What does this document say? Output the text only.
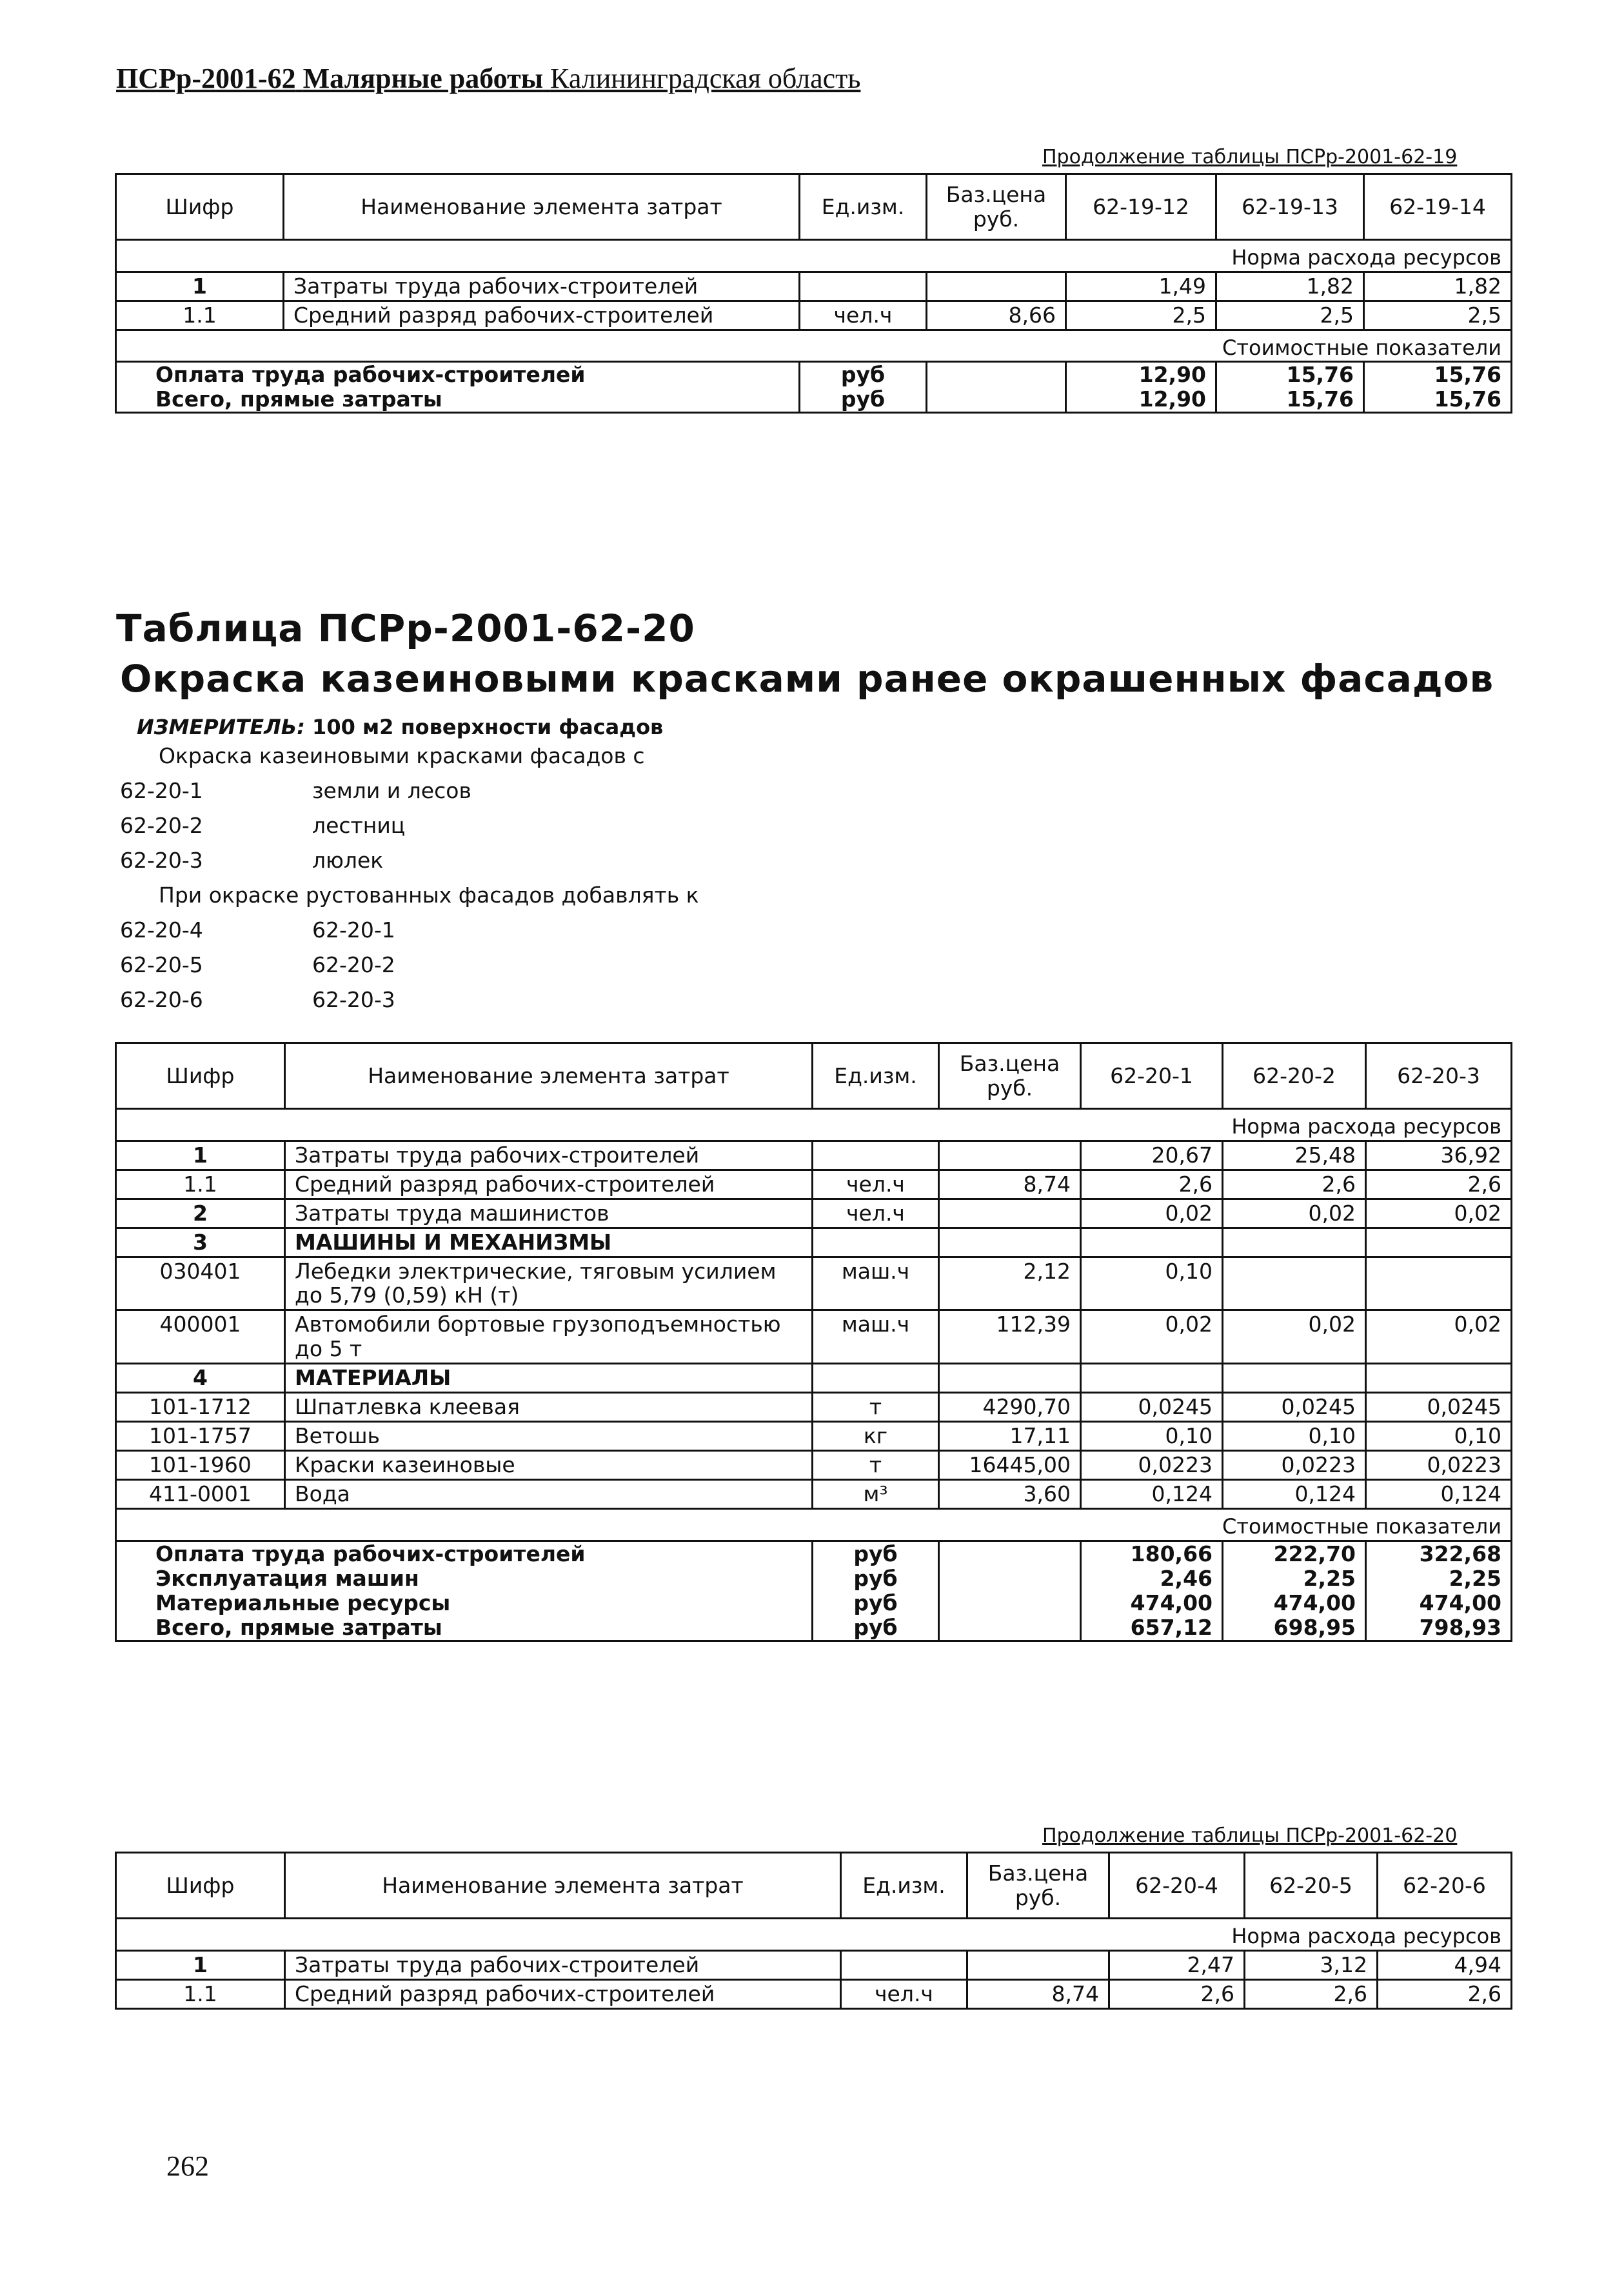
ПСРр-2001-62 Малярные работы Калининградская область
Продолжение таблицы ПСРр-2001-62-19
Шифр	Наименование элемента затрат	Ед.изм.	Баз.цена руб.	62-19-12	62-19-13	62-19-14
Норма расхода ресурсов						
1	Затраты труда рабочих-строителей			1,49	1,82	1,82
1.1	Средний разряд рабочих-строителей	чел.ч	8,66	2,5	2,5	2,5
Стоимостные показатели						
Оплата труда рабочих-строителей		руб		12,90	15,76	15,76
Всего, прямые затраты		руб		12,90	15,76	15,76
Таблица ПСРр-2001-62-20
Окраска казеиновыми красками ранее окрашенных фасадов
ИЗМЕРИТЕЛЬ: 100 м2 поверхности фасадов
Окраска казеиновыми красками фасадов с
62-20-1	земли и лесов
62-20-2	лестниц
62-20-3	люлек
При окраске рустованных фасадов добавлять к
62-20-4	62-20-1
62-20-5	62-20-2
62-20-6	62-20-3
Шифр	Наименование элемента затрат	Ед.изм.	Баз.цена руб.	62-20-1	62-20-2	62-20-3
Норма расхода ресурсов						
1	Затраты труда рабочих-строителей			20,67	25,48	36,92
1.1	Средний разряд рабочих-строителей	чел.ч	8,74	2,6	2,6	2,6
2	Затраты труда машинистов	чел.ч		0,02	0,02	0,02
3	МАШИНЫ И МЕХАНИЗМЫ					
030401	Лебедки электрические, тяговым усилием до 5,79 (0,59) кН (т)	маш.ч	2,12	0,10		
400001	Автомобили бортовые грузоподъемностью до 5 т	маш.ч	112,39	0,02	0,02	0,02
4	МАТЕРИАЛЫ					
101-1712	Шпатлевка клеевая	т	4290,70	0,0245	0,0245	0,0245
101-1757	Ветошь	кг	17,11	0,10	0,10	0,10
101-1960	Краски казеиновые	т	16445,00	0,0223	0,0223	0,0223
411-0001	Вода	м³	3,60	0,124	0,124	0,124
Стоимостные показатели						
Оплата труда рабочих-строителей		руб		180,66	222,70	322,68
Эксплуатация машин		руб		2,46	2,25	2,25
Материальные ресурсы		руб		474,00	474,00	474,00
Всего, прямые затраты		руб		657,12	698,95	798,93
Продолжение таблицы ПСРр-2001-62-20
Шифр	Наименование элемента затрат	Ед.изм.	Баз.цена руб.	62-20-4	62-20-5	62-20-6
Норма расхода ресурсов						
1	Затраты труда рабочих-строителей			2,47	3,12	4,94
1.1	Средний разряд рабочих-строителей	чел.ч	8,74	2,6	2,6	2,6
262
